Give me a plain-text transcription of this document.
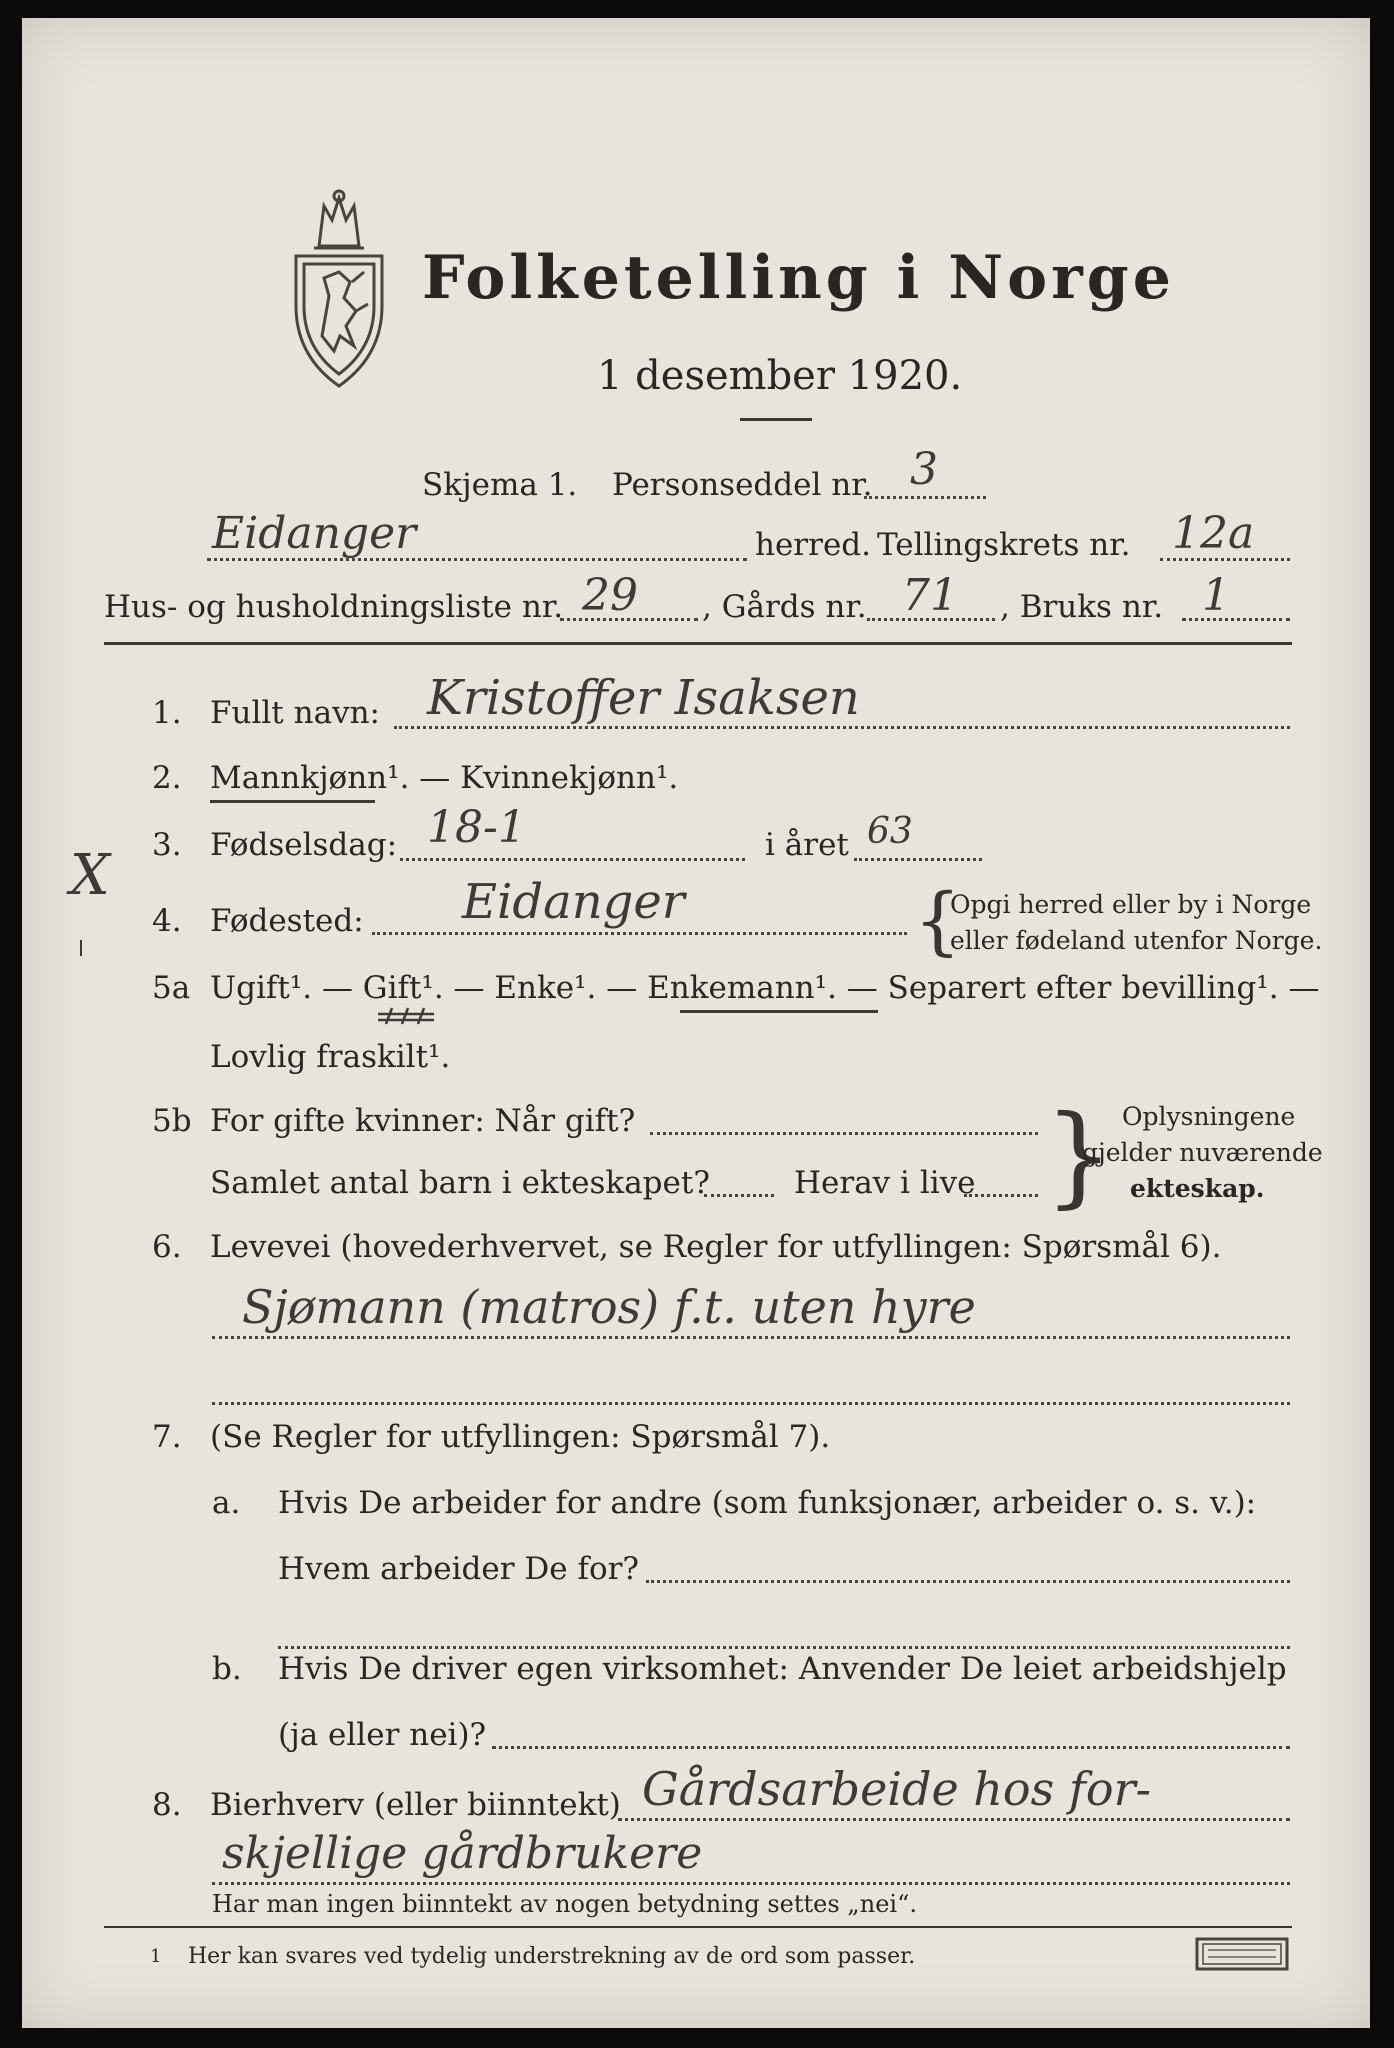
Folketelling i Norge
1 desember 1920.
Skjema 1. Personseddel nr. 3
Eidanger	herred. Tellingskrets nr. 12a
Hus- og husholdningsliste nr. 29 , Gårds nr. 71 , Bruks nr. 1
1. Fullt navn: Kristoffer Isaksen
2. Mannkjønn¹. — Kvinnekjønn¹.
3. Fødselsdag: 18-1	i året 63
X
4. Fødested: Eidanger	{
Opgi herred eller by i Norge
eller fødeland utenfor Norge.
5a Ugift¹. — Gift¹. — Enke¹. — Enkemann¹. — Separert efter bevilling¹. —
Lovlig fraskilt¹.
5b For gifte kvinner: Når gift?
Samlet antal barn i ekteskapet?	Herav i live } Oplysningene
gjelder nuværende
ekteskap.
6. Levevei (hovederhvervet, se Regler for utfyllingen: Spørsmål 6).
Sjømann (matros) f.t. uten hyre
7. (Se Regler for utfyllingen: Spørsmål 7).
a. Hvis De arbeider for andre (som funksjonær, arbeider o. s. v.):
Hvem arbeider De for?
b. Hvis De driver egen virksomhet: Anvender De leiet arbeidshjelp
(ja eller nei)?
8. Bierhverv (eller biinntekt) Gårdsarbeide hos for-
skjellige gårdbrukere
Har man ingen biinntekt av nogen betydning settes „nei“.
1 Her kan svares ved tydelig understrekning av de ord som passer.
